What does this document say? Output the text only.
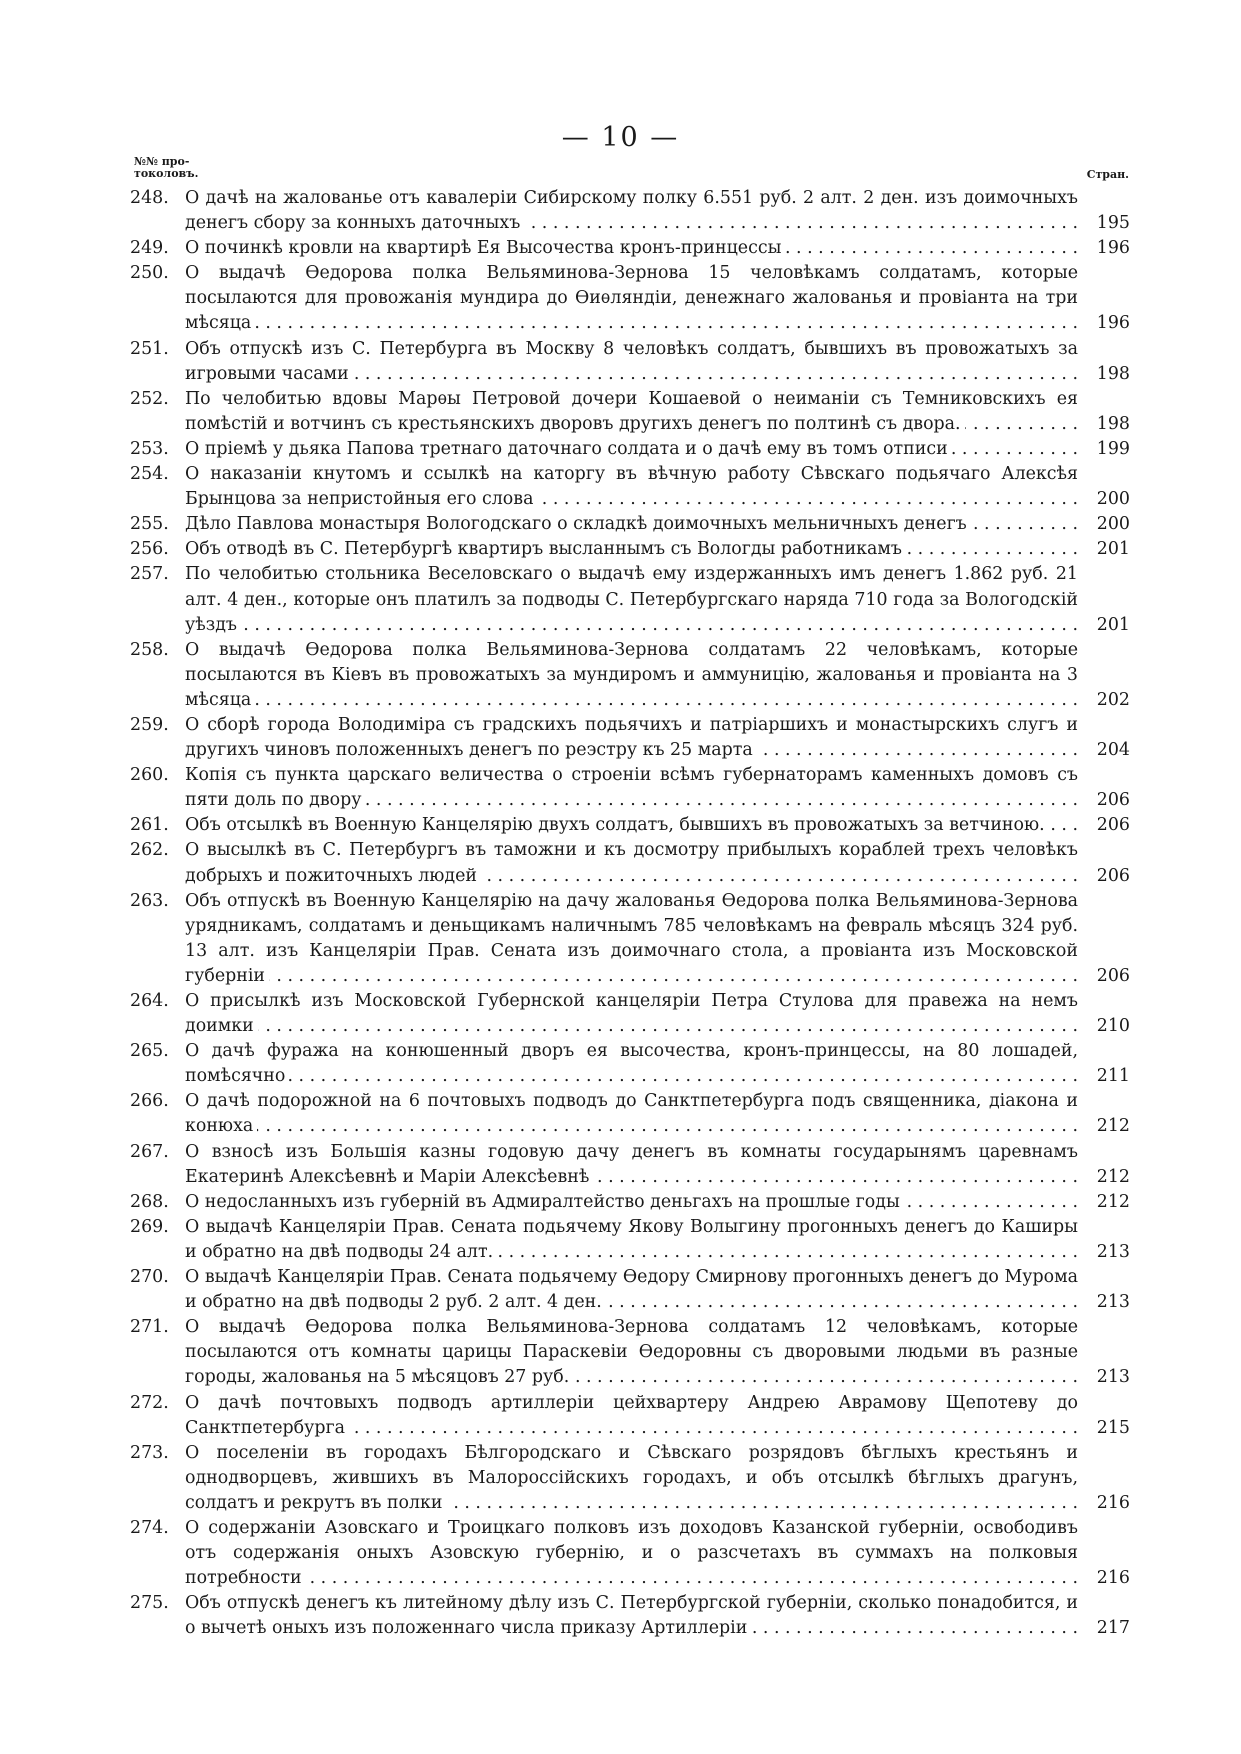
— 10 —
№№ про-токоловъ.	Стран.
248. О дачѣ на жалованье отъ кавалеріи Сибирскому полку 6.551 руб. 2 алт. 2 ден. изъ доимочныхъ денегъ сбору за конныхъ даточныхъ . . .	195
249. О починкѣ кровли на квартирѣ Ея Высочества кронъ-принцессы . . .	196
250. О выдачѣ Ѳедорова полка Вельяминова-Зернова 15 человѣкамъ солдатамъ, которые посылаются для провожанія мундира до Ѳиѳляндіи, денежнаго жалованья и провіанта на три мѣсяца . . .	196
251. Объ отпускѣ изъ С. Петербурга въ Москву 8 человѣкъ солдатъ, бывшихъ въ провожатыхъ за игровыми часами . . .	198
252. По челобитью вдовы Марѳы Петровой дочери Кошаевой о неиманіи съ Темниковскихъ ея помѣстій и вотчинъ съ крестьянскихъ дворовъ другихъ денегъ по полтинѣ съ двора. . . .	198
253. О пріемѣ у дьяка Папова третнаго даточнаго солдата и о дачѣ ему въ томъ отписи . . .	199
254. О наказаніи кнутомъ и ссылкѣ на каторгу въ вѣчную работу Сѣвскаго подьячаго Алексѣя Брынцова за непристойныя его слова . . .	200
255. Дѣло Павлова монастыря Вологодскаго о складкѣ доимочныхъ мельничныхъ денегъ . . .	200
256. Объ отводѣ въ С. Петербургѣ квартиръ высланнымъ съ Вологды работникамъ . . .	201
257. По челобитью стольника Веселовскаго о выдачѣ ему издержанныхъ имъ денегъ 1.862 руб. 21 алт. 4 ден., которые онъ платилъ за подводы С. Петербургскаго наряда 710 года за Вологодскій уѣздъ . . .	201
258. О выдачѣ Ѳедорова полка Вельяминова-Зернова солдатамъ 22 человѣкамъ, которые посылаются въ Кіевъ въ провожатыхъ за мундиромъ и аммуницію, жалованья и провіанта на 3 мѣсяца . . .	202
259. О сборѣ города Володиміра съ градскихъ подьячихъ и патріаршихъ и монастырскихъ слугъ и другихъ чиновъ положенныхъ денегъ по реэстру къ 25 марта . . .	204
260. Копія съ пункта царскаго величества о строеніи всѣмъ губернаторамъ каменныхъ домовъ съ пяти доль по двору . . .	206
261. Объ отсылкѣ въ Военную Канцелярію двухъ солдатъ, бывшихъ въ провожатыхъ за ветчиною. . . .	206
262. О высылкѣ въ С. Петербургъ въ таможни и къ досмотру прибылыхъ кораблей трехъ человѣкъ добрыхъ и пожиточныхъ людей . . .	206
263. Объ отпускѣ въ Военную Канцелярію на дачу жалованья Ѳедорова полка Вельяминова-Зернова урядникамъ, солдатамъ и деньщикамъ наличнымъ 785 человѣкамъ на февраль мѣсяцъ 324 руб. 13 алт. изъ Канцеляріи Прав. Сената изъ доимочнаго стола, а провіанта изъ Московской губерніи . . .	206
264. О присылкѣ изъ Московской Губернской канцеляріи Петра Стулова для правежа на немъ доимки . . .	210
265. О дачѣ фуража на конюшенный дворъ ея высочества, кронъ-принцессы, на 80 лошадей, помѣсячно . . .	211
266. О дачѣ подорожной на 6 почтовыхъ подводъ до Санктпетербурга подъ священника, діакона и конюха . . .	212
267. О взносѣ изъ Большія казны годовую дачу денегъ въ комнаты государынямъ царевнамъ Екатеринѣ Алексѣевнѣ и Маріи Алексѣевнѣ . . .	212
268. О недосланныхъ изъ губерній въ Адмиралтейство деньгахъ на прошлые годы . . .	212
269. О выдачѣ Канцеляріи Прав. Сената подьячему Якову Волыгину прогонныхъ денегъ до Каширы и обратно на двѣ подводы 24 алт. . . .	213
270. О выдачѣ Канцеляріи Прав. Сената подьячему Ѳедору Смирнову прогонныхъ денегъ до Мурома и обратно на двѣ подводы 2 руб. 2 алт. 4 ден. . . .	213
271. О выдачѣ Ѳедорова полка Вельяминова-Зернова солдатамъ 12 человѣкамъ, которые посылаются отъ комнаты царицы Параскевіи Ѳедоровны съ дворовыми людьми въ разные городы, жалованья на 5 мѣсяцовъ 27 руб. . . .	213
272. О дачѣ почтовыхъ подводъ артиллеріи цейхвартеру Андрею Аврамову Щепотеву до Санктпетербурга . . .	215
273. О поселеніи въ городахъ Бѣлгородскаго и Сѣвскаго розрядовъ бѣглыхъ крестьянъ и однодворцевъ, жившихъ въ Малороссійскихъ городахъ, и объ отсылкѣ бѣглыхъ драгунъ, солдатъ и рекрутъ въ полки . . .	216
274. О содержаніи Азовскаго и Троицкаго полковъ изъ доходовъ Казанской губерніи, освободивъ отъ содержанія оныхъ Азовскую губернію, и о разсчетахъ въ суммахъ на полковыя потребности . . .	216
275. Объ отпускѣ денегъ къ литейному дѣлу изъ С. Петербургской губерніи, сколько понадобится, и о вычетѣ оныхъ изъ положеннаго числа приказу Артиллеріи . . .	217
